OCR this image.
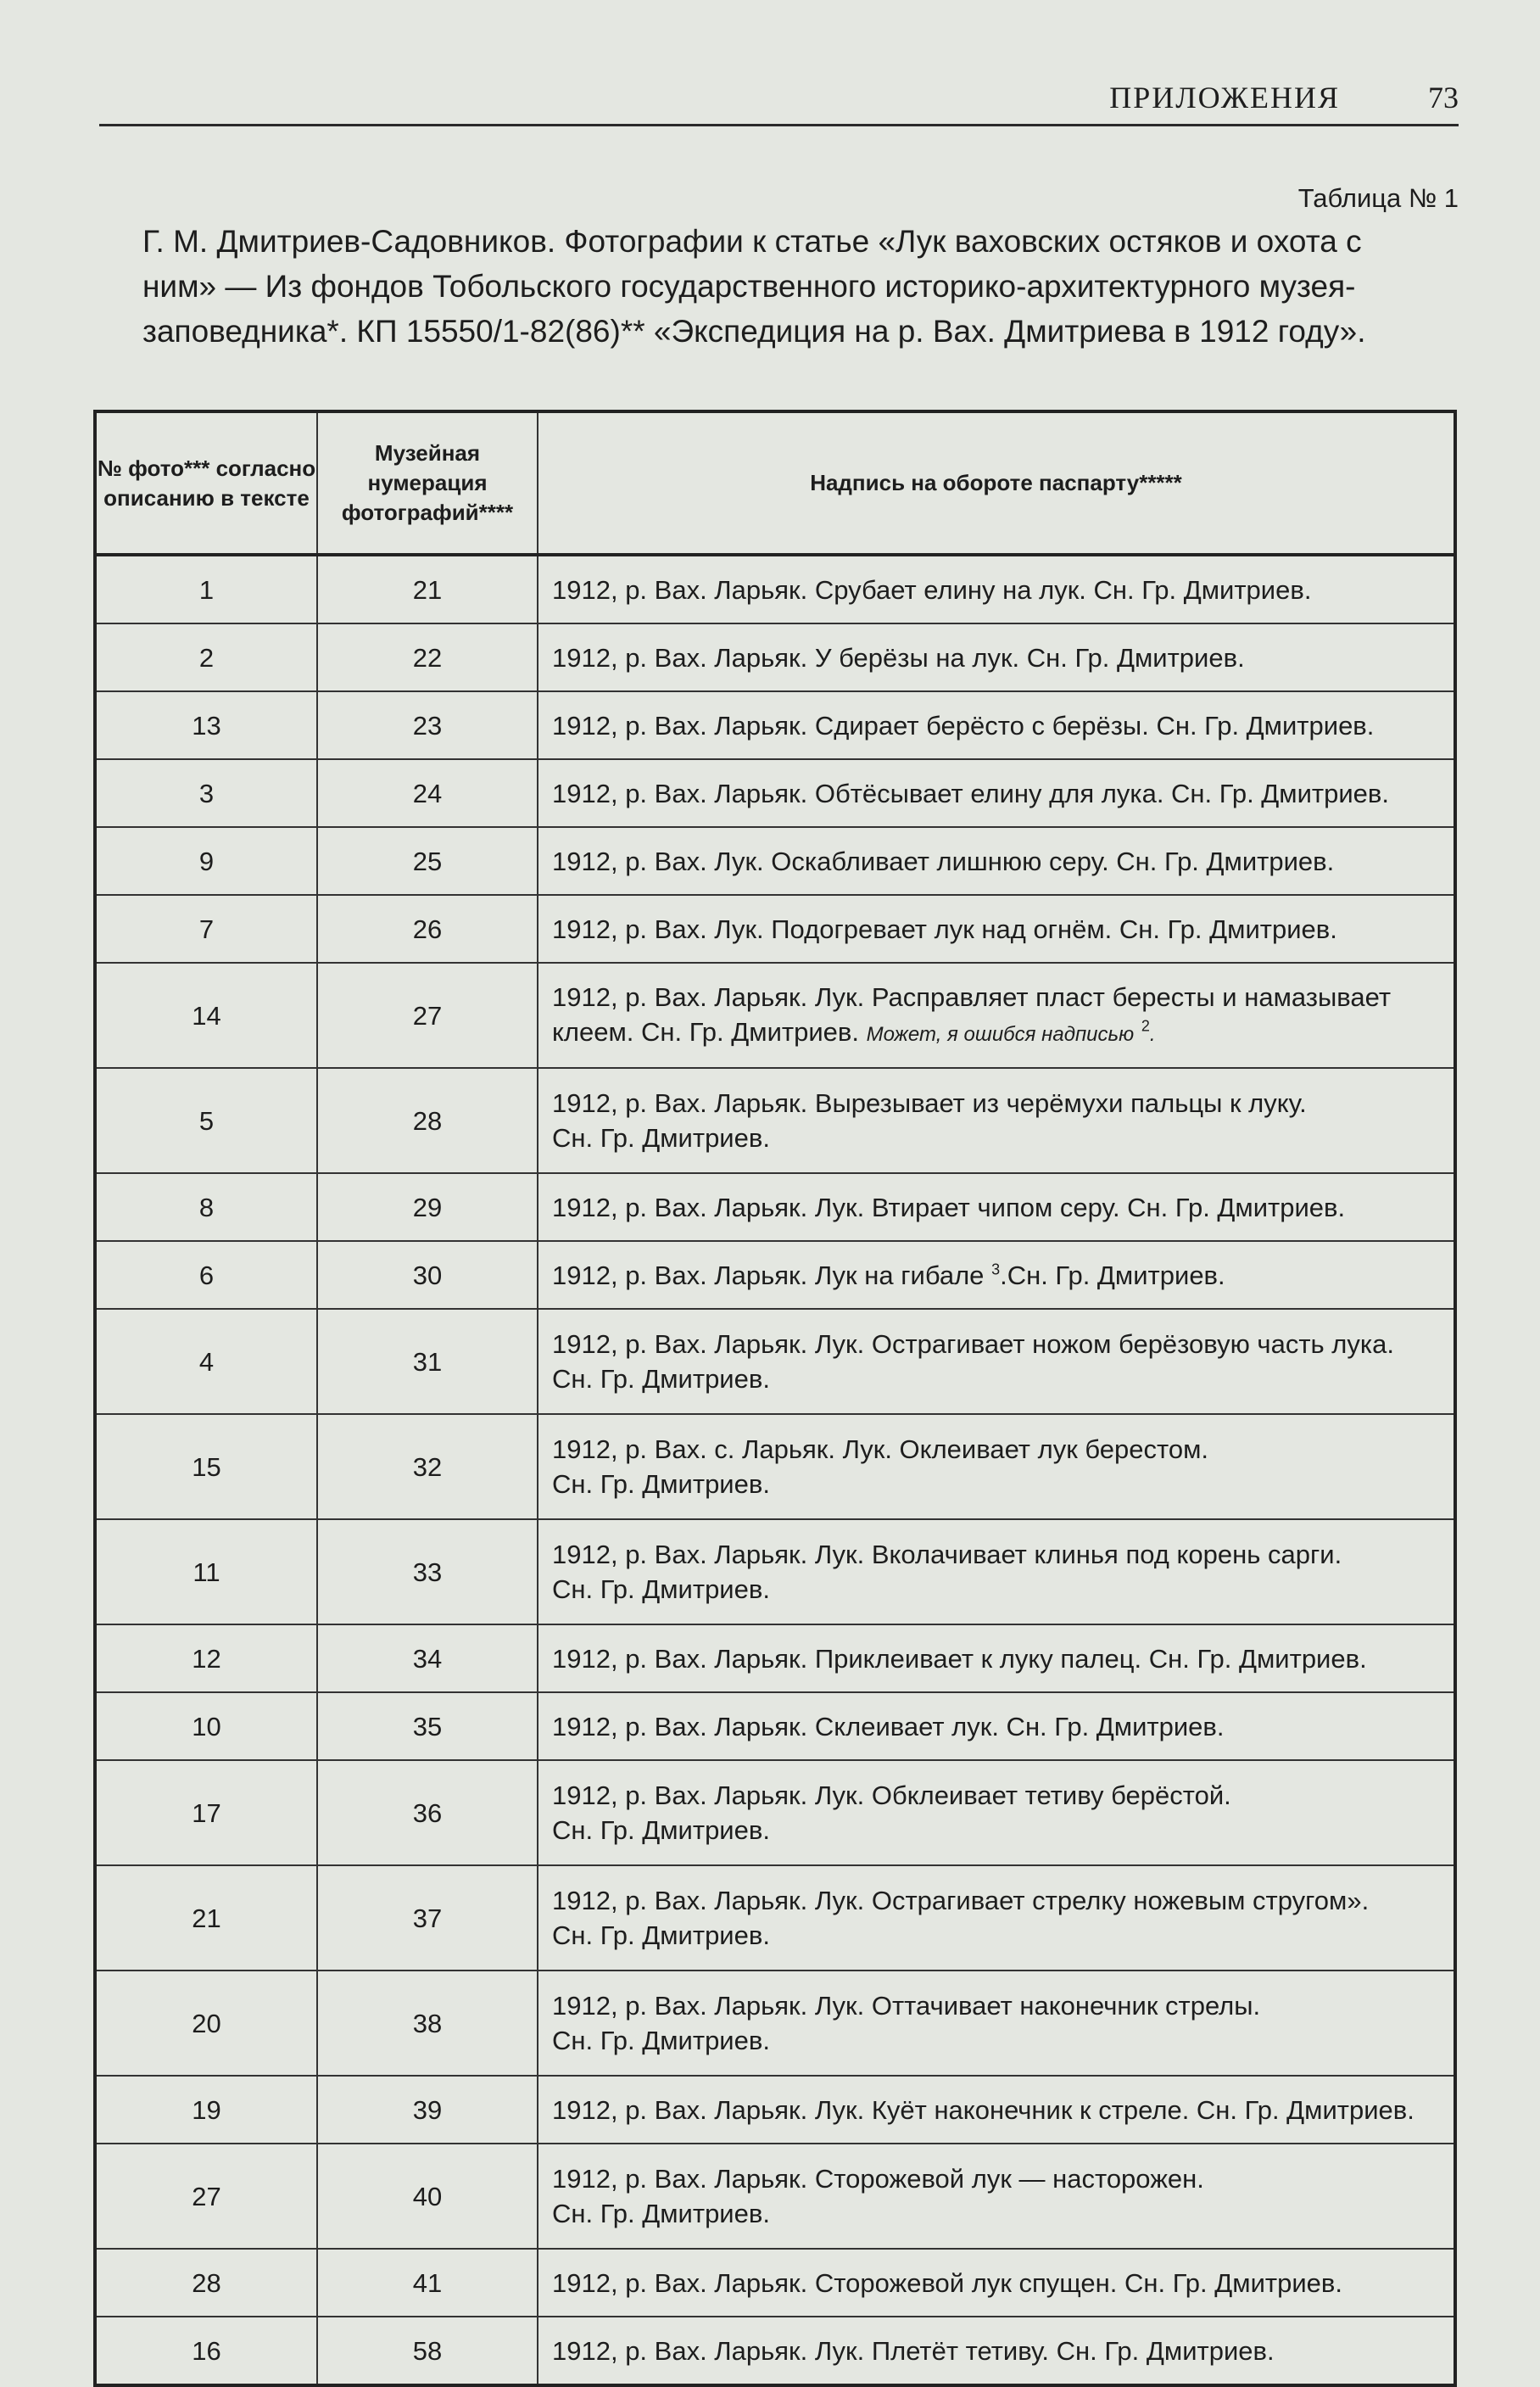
ПРИЛОЖЕНИЯ	73
Таблица № 1

Г. М. Дмитриев-Садовников. Фотографии к статье «Лук ваховских остяков и охота с

ним» — Из фондов Тобольского государственного историко-архитектурного музея-

заповедника*. КП 15550/1-82(86)** «Экспедиция на р. Вах. Дмитриева в 1912 году».

№ фото*** согласно описанию в тексте	Музейная нумерация фотографий****	Надпись на обороте паспарту*****
1	21	1912, р. Вах. Ларьяк. Срубает елину на лук. Сн. Гр. Дмитриев.
2	22	1912, р. Вах. Ларьяк. У берёзы на лук. Сн. Гр. Дмитриев.
13	23	1912, р. Вах. Ларьяк. Сдирает берёсто с берёзы. Сн. Гр. Дмитриев.
3	24	1912, р. Вах. Ларьяк. Обтёсывает елину для лука. Сн. Гр. Дмитриев.
9	25	1912, р. Вах. Лук. Оскабливает лишнюю серу. Сн. Гр. Дмитриев.
7	26	1912, р. Вах. Лук. Подогревает лук над огнём. Сн. Гр. Дмитриев.
14	27	1912, р. Вах. Ларьяк. Лук. Расправляет пласт бересты и намазывает
клеем. Сн. Гр. Дмитриев. Может, я ошибся надписью $^2$.
5	28	1912, р. Вах. Ларьяк. Вырезывает из черёмухи пальцы к луку.
Сн. Гр. Дмитриев.
8	29	1912, р. Вах. Ларьяк. Лук. Втирает чипом серу. Сн. Гр. Дмитриев.
6	30	1912, р. Вах. Ларьяк. Лук на гибале $^3$.Сн. Гр. Дмитриев.
4	31	1912, р. Вах. Ларьяк. Лук. Острагивает ножом берёзовую часть лука.
Сн. Гр. Дмитриев.
15	32	1912, р. Вах. с. Ларьяк. Лук. Оклеивает лук берестом.
Сн. Гр. Дмитриев.
11	33	1912, р. Вах. Ларьяк. Лук. Вколачивает клинья под корень сарги.
Сн. Гр. Дмитриев.
12	34	1912, р. Вах. Ларьяк. Приклеивает к луку палец. Сн. Гр. Дмитриев.
10	35	1912, р. Вах. Ларьяк. Склеивает лук. Сн. Гр. Дмитриев.
17	36	1912, р. Вах. Ларьяк. Лук. Обклеивает тетиву берёстой.
Сн. Гр. Дмитриев.
21	37	1912, р. Вах. Ларьяк. Лук. Острагивает стрелку ножевым стругом».
Сн. Гр. Дмитриев.
20	38	1912, р. Вах. Ларьяк. Лук. Оттачивает наконечник стрелы.
Сн. Гр. Дмитриев.
19	39	1912, р. Вах. Ларьяк. Лук. Куёт наконечник к стреле. Сн. Гр. Дмитриев.
27	40	1912, р. Вах. Ларьяк. Сторожевой лук — насторожен.
Сн. Гр. Дмитриев.
28	41	1912, р. Вах. Ларьяк. Сторожевой лук спущен. Сн. Гр. Дмитриев.
16	58	1912, р. Вах. Ларьяк. Лук. Плетёт тетиву. Сн. Гр. Дмитриев.
